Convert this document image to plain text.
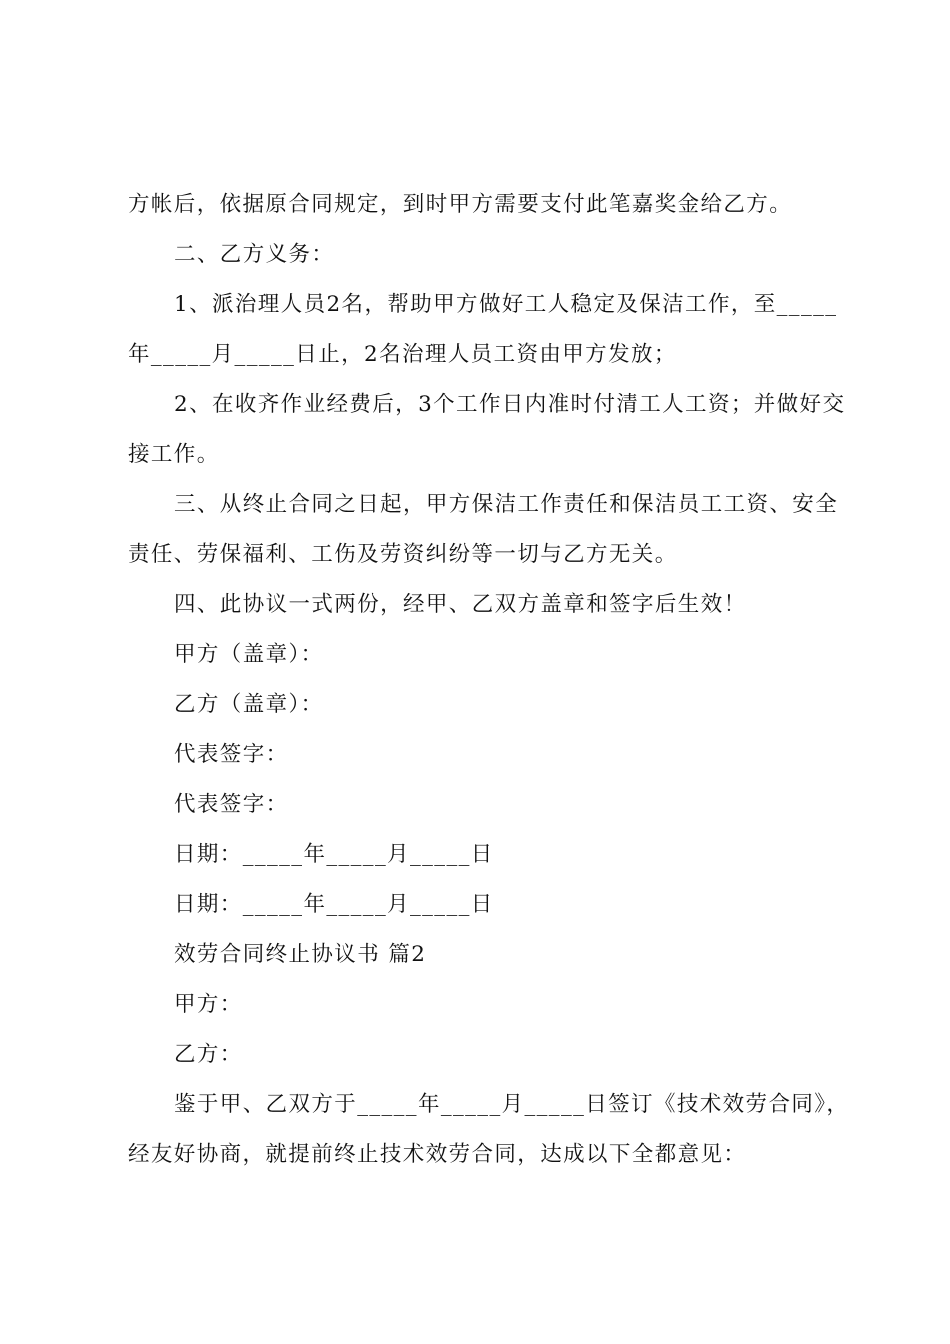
方帐后，依据原合同规定，到时甲方需要支付此笔嘉奖金给乙方。
二、乙方义务：
1、派治理人员2名，帮助甲方做好工人稳定及保洁工作，至_____
年_____月_____日止，2名治理人员工资由甲方发放；
2、在收齐作业经费后，3个工作日内准时付清工人工资；并做好交
接工作。
三、从终止合同之日起，甲方保洁工作责任和保洁员工工资、安全
责任、劳保福利、工伤及劳资纠纷等一切与乙方无关。
四、此协议一式两份，经甲、乙双方盖章和签字后生效！
甲方（盖章）：
乙方（盖章）：
代表签字：
代表签字：
日期：_____年_____月_____日
日期：_____年_____月_____日
效劳合同终止协议书 篇2
甲方：
乙方：
鉴于甲、乙双方于_____年_____月_____日签订《技术效劳合同》，
经友好协商，就提前终止技术效劳合同，达成以下全都意见：
